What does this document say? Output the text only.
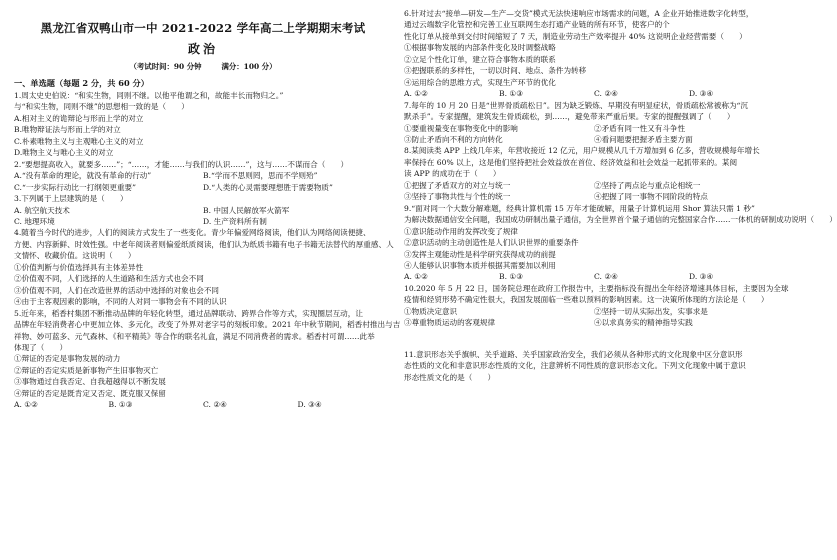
黑龙江省双鸭山市一中 2021-2022 学年高二上学期期末考试
政治
（考试时间：90 分钟	满分：100 分）
一、单选题（每题 2 分，共 60 分）
1.周太史史伯说：“和实生物，同则不继。以他平他谓之和，故能丰长而物归之。”
与“和实生物，同则不继”的思想相一致的是（　　）
A.相对主义的诡辩论与形而上学的对立
B.唯物辩证法与形而上学的对立
C.朴素唯物主义与主观唯心主义的对立
D.唯物主义与唯心主义的对立
2.“要想提高收入，就要多……”；“……，才能……与我们的认识……”，这与……不谋而合（　　）
A.“没有革命的理论，就没有革命的行动”	B.“学而不思则罔，思而不学则殆”
C.“一步实际行动比一打纲领更重要”	D.“人类的心灵需要理想胜于需要物质”
3.下列属于上层建筑的是（　　）
A. 航空航天技术	B. 中国人民解放军火箭军
C. 地理环境	D. 生产资料所有制
4.随着当今时代的进步，人们的阅读方式发生了一些变化。青少年偏爱网络阅读，他们认为网络阅读便捷、
方便、内容新鲜、时效性强。中老年阅读者则偏爱纸质阅读，他们认为纸质书籍有电子书籍无法替代的厚重感、人
文情怀、收藏价值。这说明（　　）
①价值判断与价值选择具有主体差异性
②价值观不同，人们选择的人生道路和生活方式也会不同
③价值观不同，人们在改造世界的活动中选择的对象也会不同
④由于主客观因素的影响，不同的人对同一事物会有不同的认识
5.近年来，稻香村集团不断推动品牌的年轻化转型，通过品牌联动、跨界合作等方式，实现圈层互动，让
品牌在年轻消费者心中更加立体、多元化，改变了外界对老字号的刻板印象。2021 年中秋节期间，稻香村推出与吉
祥物、妙可蓝多、元气森林、《和平精英》等合作的联名礼盒，满足不同消费者的需求。稻香村可谓……此举
体现了（　　）
①辩证的否定是事物发展的动力
②辩证的否定实质是新事物产生旧事物灭亡
③事物通过自我否定、自我超越得以不断发展
④辩证的否定是既肯定又否定、既克服又保留
A. ①②	B. ①③	C. ②④	D. ③④
6.针对过去“接单—研发—生产—交货”模式无法快速响应市场需求的问题，A 企业开始推进数字化转型，
通过云端数字化管控和完善工业互联网生态打通产业链的所有环节，使客户的个
性化订单从接单到交付时间缩短了 7 天，制造业劳动生产效率提升 40% 这说明企业经营需要（　　）
①根据事物发展的内部条件变化及时调整战略
②立足个性化订单，建立符合事物本质的联系
③把握联系的多样性，一切以时间、地点、条件为转移
④运用综合的思维方式，实现生产环节的优化
A. ①②	B. ①③	C. ②④	D. ③④
7.每年的 10 月 20 日是“世界骨质疏松日”。因为缺乏锻炼、早期没有明显症状，骨质疏松常被称为“沉
默杀手”。专家提醒，建筑发生骨质疏松，到……，避免带来严重后果。专家的提醒强调了（　　）
①要重视量变在事物变化中的影响	②矛盾有同一性又有斗争性
③防止矛盾向不利的方向转化	④看问题要把握矛盾主要方面
8.某阅读类 APP 上线几年来，年营收接近 12 亿元，用户规模从几千万增加到 6 亿多，营收规模每年增长
率保持在 60% 以上，这是他们坚持把社会效益放在首位、经济效益和社会效益一起抓带来的。某阅
读 APP 的成功在于（　　）
①把握了矛盾双方的对立与统一	②坚持了两点论与重点论相统一
③坚持了事物共性与个性的统一	④把握了同一事物不同阶段的特点
9.“面对同一个大数分解难题，经典计算机需 15 万年才能破解，用量子计算机运用 Shor 算法只需 1 秒”
为解决数据通信安全问题，我国成功研制出量子通信，为全世界首个量子通信的完整国家合作……一体机的研制成功说明（　　）
①意识能动作用的发挥改变了规律
②意识活动的主动创造性是人们认识世界的重要条件
③发挥主观能动性是科学研究获得成功的前提
④人能够认识事物本质并根据其需要加以利用
A. ①②	B. ①③	C. ②④	D. ③④
10.2020 年 5 月 22 日，国务院总理在政府工作报告中，主要指标没有提出全年经济增速具体目标，主要因为全球
疫情和经贸形势不确定性很大，我国发展面临一些难以预料的影响因素。这一决策所体现的方法论是（　　）
①物质决定意识	②坚持一切从实际出发，实事求是
③尊重物质运动的客观规律	④以求真务实的精神指导实践
11.意识形态关乎旗帜、关乎道路、关乎国家政治安全，我们必须从各种形式的文化现象中区分意识形
态性质的文化和非意识形态性质的文化，注意辨析不同性质的意识形态文化。下列文化现象中属于意识
形态性质文化的是（　　）
